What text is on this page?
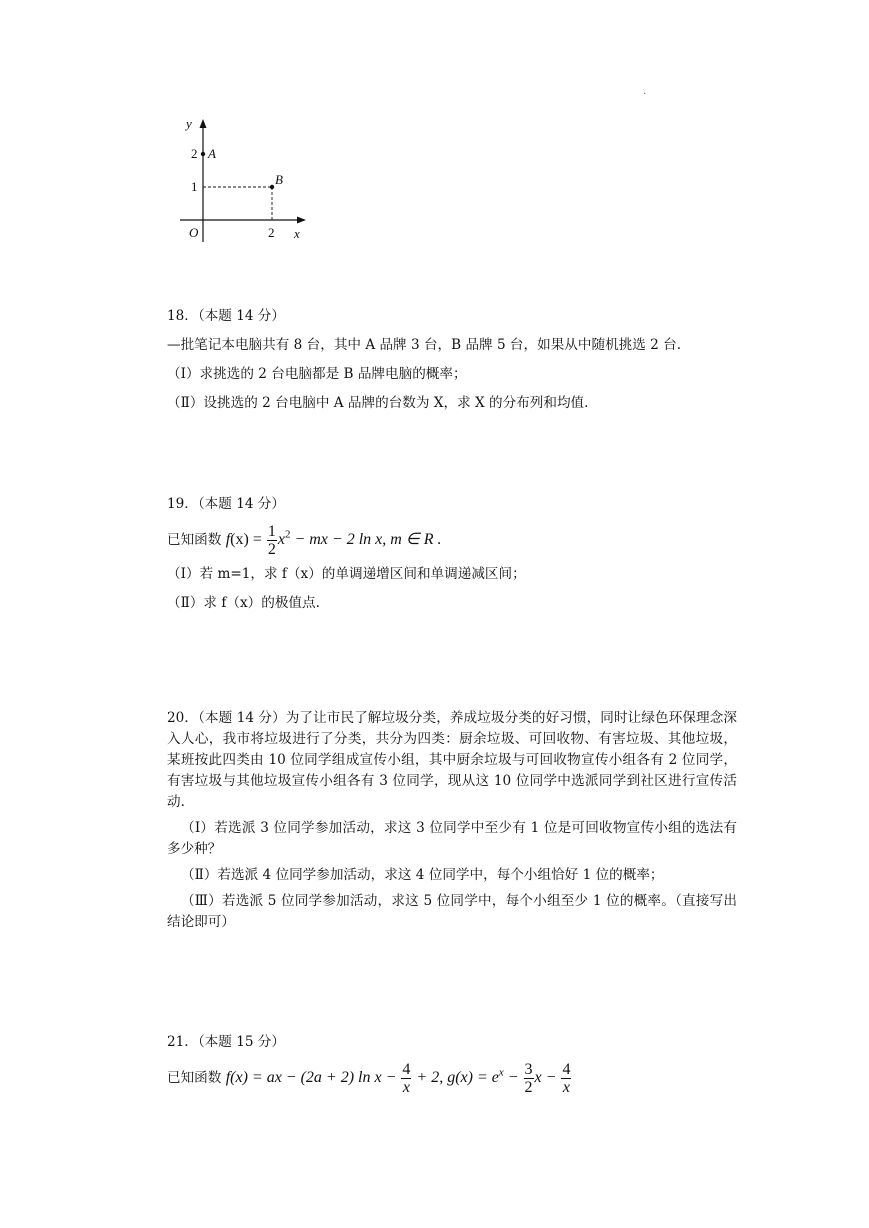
.
y
x
O
2
1
2
A
B

18．（本题 14 分）

—批笔记本电脑共有 8 台，其中 A 品牌 3 台，B 品牌 5 台，如果从中随机挑选 2 台.

（Ⅰ）求挑选的 2 台电脑都是 B 品牌电脑的概率；

（Ⅱ）设挑选的 2 台电脑中 A 品牌的台数为 X，求 X 的分布列和均值.

19．（本题 14 分）

已知函数 $f(x) = \frac{1}{2} x^2$ − mx − 2 ln x, m ∈ R .

（Ⅰ）若 m=1，求 f（x）的单调递增区间和单调递减区间；

（Ⅱ）求 f（x）的极值点.

20．（本题 14 分）为了让市民了解垃圾分类，养成垃圾分类的好习惯，同时让绿色环保理念深入人心，我市将垃圾进行了分类，共分为四类：厨余垃圾、可回收物、有害垃圾、其他垃圾，某班按此四类由 10 位同学组成宣传小组，其中厨余垃圾与可回收物宣传小组各有 2 位同学，有害垃圾与其他垃圾宣传小组各有 3 位同学，现从这 10 位同学中选派同学到社区进行宣传活动.

（Ⅰ）若选派 3 位同学参加活动，求这 3 位同学中至少有 1 位是可回收物宣传小组的选法有多少种？

（Ⅱ）若选派 4 位同学参加活动，求这 4 位同学中，每个小组恰好 1 位的概率；

（Ⅲ）若选派 5 位同学参加活动，求这 5 位同学中，每个小组至少 1 位的概率。（直接写出结论即可）

21．（本题 15 分）

已知函数 f(x) = ax − (2a + 2) $\ln x - \frac{4}{x} + 2$, $g(x) = e^x - \frac{3}{2}$ $x - \frac{4}{x}$
